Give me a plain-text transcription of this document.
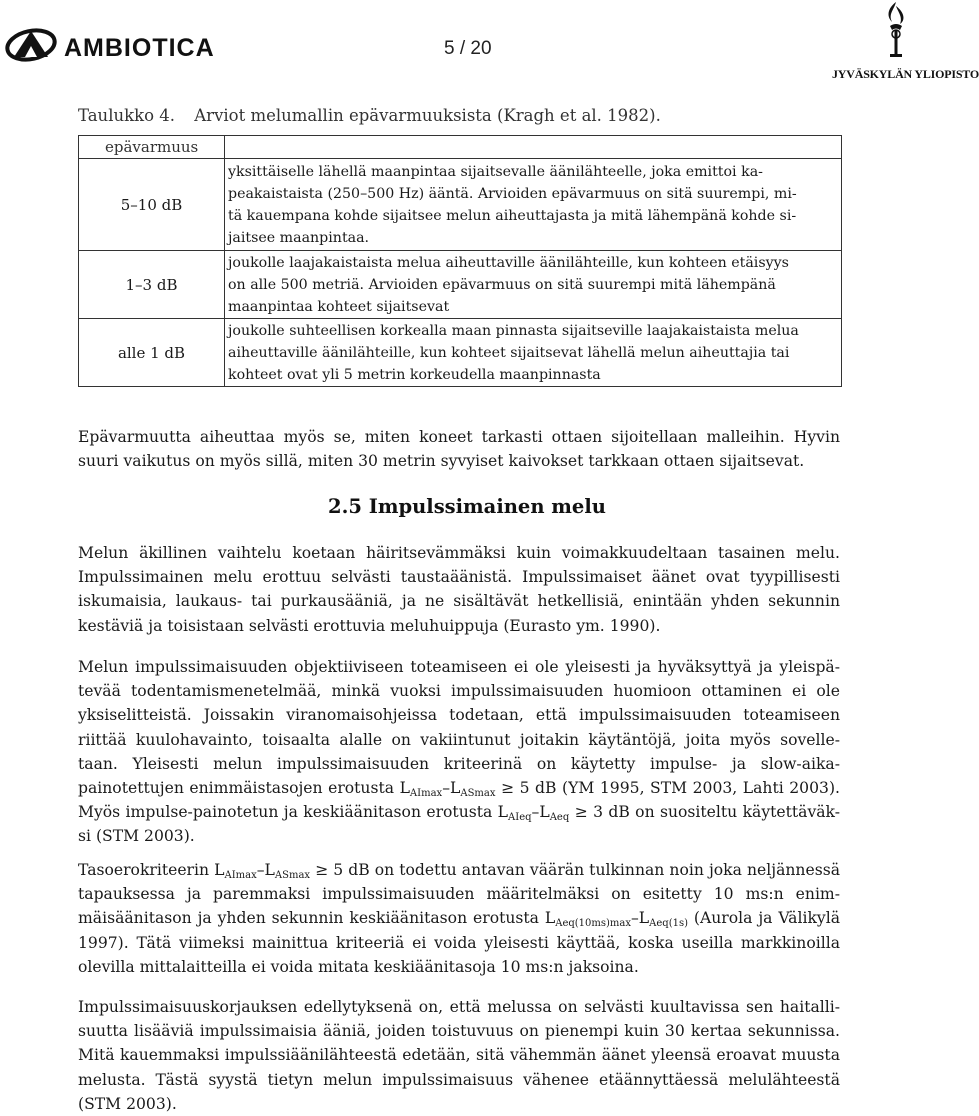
AMBIOTICA	5 / 20
JYVÄSKYLÄN YLIOPISTO
Taulukko 4. Arviot melumallin epävarmuuksista (Kragh et al. 1982).
epävarmuus	
5–10 dB	yksittäiselle lähellä maanpintaa sijaitsevalle äänilähteelle, joka emittoi ka-
peakaistaista (250–500 Hz) ääntä. Arvioiden epävarmuus on sitä suurempi, mi-
tä kauempana kohde sijaitsee melun aiheuttajasta ja mitä lähempänä kohde si-
jaitsee maanpintaa.

1–3 dB	joukolle laajakaistaista melua aiheuttaville äänilähteille, kun kohteen etäisyys
on alle 500 metriä. Arvioiden epävarmuus on sitä suurempi mitä lähempänä
maanpintaa kohteet sijaitsevat

alle 1 dB	joukolle suhteellisen korkealla maan pinnasta sijaitseville laajakaistaista melua
aiheuttaville äänilähteille, kun kohteet sijaitsevat lähellä melun aiheuttajia tai
kohteet ovat yli 5 metrin korkeudella maanpinnasta
Epävarmuutta aiheuttaa myös se, miten koneet tarkasti ottaen sijoitellaan malleihin. Hyvin
suuri vaikutus on myös sillä, miten 30 metrin syvyiset kaivokset tarkkaan ottaen sijaitsevat.
2.5 Impulssimainen melu
Melun äkillinen vaihtelu koetaan häiritsevämmäksi kuin voimakkuudeltaan tasainen melu.
Impulssimainen melu erottuu selvästi taustaäänistä. Impulssimaiset äänet ovat tyypillisesti
iskumaisia, laukaus- tai purkausääniä, ja ne sisältävät hetkellisiä, enintään yhden sekunnin
kestäviä ja toisistaan selvästi erottuvia meluhuippuja (Eurasto ym. 1990).
Melun impulssimaisuuden objektiiviseen toteamiseen ei ole yleisesti ja hyväksyttyä ja yleispä-
tevää todentamismenetelmää, minkä vuoksi impulssimaisuuden huomioon ottaminen ei ole
yksiselitteistä. Joissakin viranomaisohjeissa todetaan, että impulssimaisuuden toteamiseen
riittää kuulohavainto, toisaalta alalle on vakiintunut joitakin käytäntöjä, joita myös sovelle-
taan. Yleisesti melun impulssimaisuuden kriteerinä on käytetty impulse- ja slow-aika-
painotettujen enimmäistasojen erotusta $L_{AImax}-L_{ASmax} \ge 5$ dB (YM 1995, STM 2003, Lahti 2003).
Myös impulse-painotetun ja keskiäänitason erotusta $L_{AIeq}-L_{Aeq} \ge 3$ dB on suositeltu käytettäväk-
si (STM 2003).
Tasoerokriteerin $L_{AImax}-L_{ASmax} \ge 5$ dB on todettu antavan väärän tulkinnan noin joka neljännessä
tapauksessa ja paremmaksi impulssimaisuuden määritelmäksi on esitetty 10 ms:n enim-
mäisäänitason ja yhden sekunnin keskiäänitason erotusta $L_{Aeq(10ms)max}-L_{Aeq(1s)}$ (Aurola ja Välikylä
1997). Tätä viimeksi mainittua kriteeriä ei voida yleisesti käyttää, koska useilla markkinoilla
olevilla mittalaitteilla ei voida mitata keskiäänitasoja 10 ms:n jaksoina.
Impulssimaisuuskorjauksen edellytyksenä on, että melussa on selvästi kuultavissa sen haitalli-
suutta lisääviä impulssimaisia ääniä, joiden toistuvuus on pienempi kuin 30 kertaa sekunnissa.
Mitä kauemmaksi impulssiäänilähteestä edetään, sitä vähemmän äänet yleensä eroavat muusta
melusta. Tästä syystä tietyn melun impulssimaisuus vähenee etäännyttäessä melulähteestä
(STM 2003).
